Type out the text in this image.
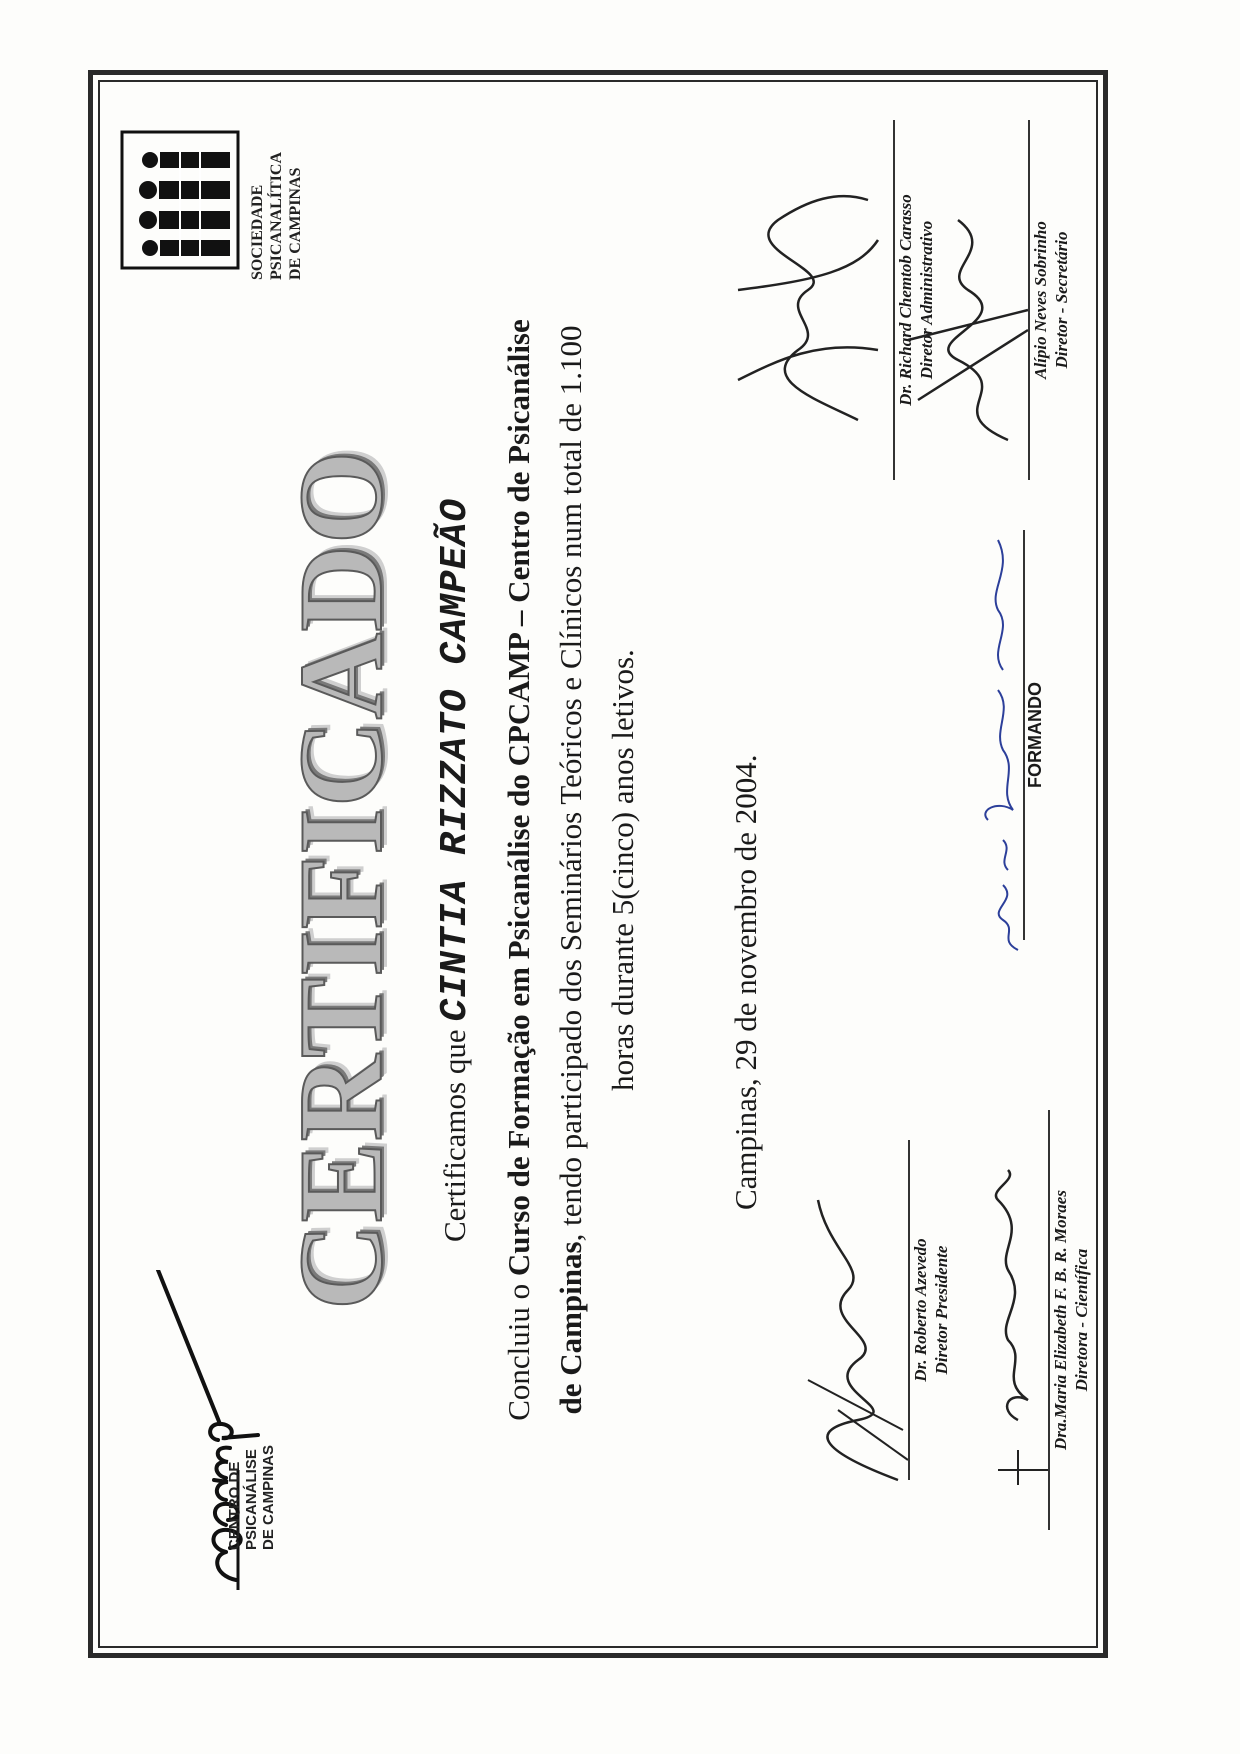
CENTRO DE PSICANÁLISE DE CAMPINAS
SOCIEDADE PSICANALÍTICA DE CAMPINAS
CERTIFICADO Certificamos que CINTIA RIZZATO CAMPEÃO
Concluiu o Curso de Formação em Psicanálise do CPCAMP – Centro de Psicanálise
de Campinas, tendo participado dos Seminários Teóricos e Clínicos num total de 1.100 horas durante 5(cinco) anos letivos.	Campinas, 29 de novembro de 2004.
Dr. Roberto Azevedo Diretor Presidente	Dra.Maria Elizabeth F. B. R. Moraes Diretora - Científica
FORMANDO
Dr. Richard Chemtob Carasso Diretor Administrativo	Alípio Neves Sobrinho Diretor - Secretário
